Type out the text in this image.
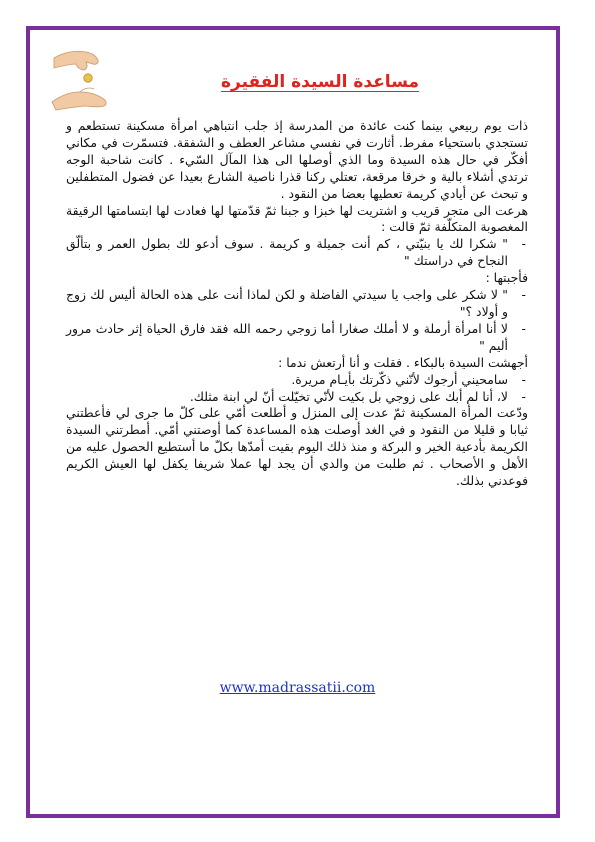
مساعدة السيدة الفقيرة

ذات يوم ربيعي بينما كنت عائدة من المدرسة إذ جلب انتباهي امرأة مسكينة تستطعم و تستجدي باستحياء مفرط. أثارت في نفسي مشاعر العطف و الشفقة. فتسمّرت في مكاني أفكّر في حال هذه السيدة وما الذي أوصلها الى هذا المآل السّيء . كانت شاحبة الوجه ترتدي أشلاء بالية و خرقا مرقعة، تعتلي ركنا قذرا ناصية الشارع بعيدا عن فضول المتطفلين و تبحث عن أيادي كريمة تعطيها بعضا من النقود .

هرعت الى متجر قريب و اشتريت لها خبزا و جبنا ثمّ قدّمتها لها فعادت لها ابتسامتها الرقيقة المغصوبة المتكلّفة ثمّ قالت :

-
" شكرا لك يا بنيّتي ، كم أنت جميلة و كريمة . سوف أدعو لك بطول العمر و بتألّق النجاح في دراستك "

فأجبتها :

-
" لا شكر على واجب يا سيدتي الفاضلة و لكن لماذا أنت على هذه الحالة أليس لك زوج و أولاد ؟"

-
لا أنا امرأة أرملة و لا أملك صغارا أما زوجي رحمه الله فقد فارق الحياة إثر حادث مرور أليم "

أجهشت السيدة بالبكاء . فقلت و أنا أرتعش ندما :

-
سامحيني أرجوك لأنّني ذكّرتك بأيـام مريرة.

-
لا، أنا لم أبك على زوجي بل بكيت لأنّي تخيّلت أنّ لي ابنة مثلك.

ودّعت المرأة المسكينة ثمّ عدت إلى المنزل و أطلعت أمّي على كلّ ما جرى لي فأعطتني ثيابا و قليلا من النقود و في الغد أوصلت هذه المساعدة كما أوصتني أمّي. أمطرتني السيدة الكريمة بأدعية الخير و البركة و منذ ذلك اليوم بقيت أمدّها بكلّ ما أستطيع الحصول عليه من الأهل و الأصحاب . ثم طلبت من والدي أن يجد لها عملا شريفا يكفل لها العيش الكريم فوعدني بذلك.

www.madrassatii.com
